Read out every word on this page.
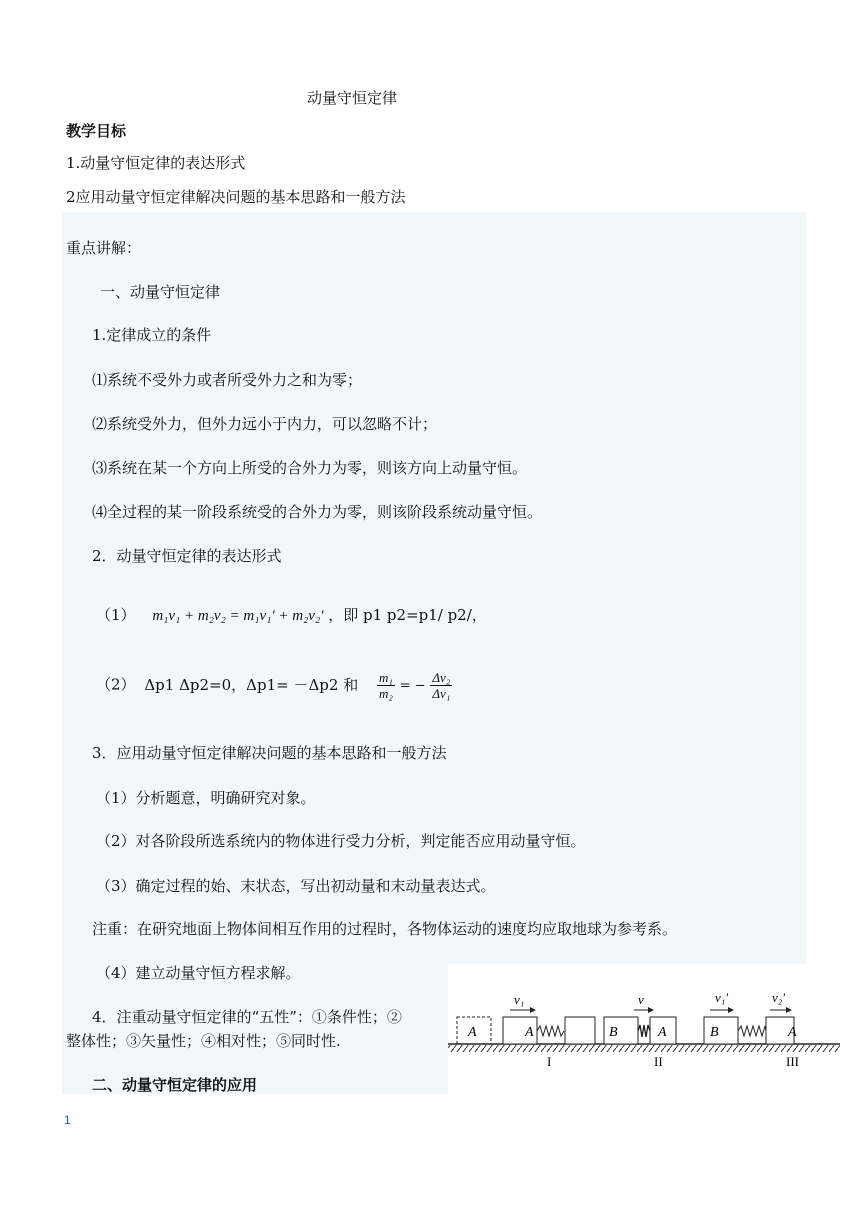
动量守恒定律
教学目标
1.动量守恒定律的表达形式
2应用动量守恒定律解决问题的基本思路和一般方法
重点讲解：
一、动量守恒定律
1.定律成立的条件
⑴系统不受外力或者所受外力之和为零；
⑵系统受外力，但外力远小于内力，可以忽略不计；
⑶系统在某一个方向上所受的合外力为零，则该方向上动量守恒。
⑷全过程的某一阶段系统受的合外力为零，则该阶段系统动量守恒。
2．动量守恒定律的表达形式
（1） m₁v₁ + m₂v₂ = m₁v₁′ + m₂v₂′ ，即 p1 p2=p1/ p2/，
（2） Δp1 Δp2=0，Δp1= －Δp2 和 $\frac{\text{m₁}}{\text{m₂}}$ = − $\frac{\text{Δv₂}}{\text{Δv₁}}$
3．应用动量守恒定律解决问题的基本思路和一般方法
（1）分析题意，明确研究对象。
（2）对各阶段所选系统内的物体进行受力分析，判定能否应用动量守恒。
（3）确定过程的始、末状态，写出初动量和末动量表达式。
注重：在研究地面上物体间相互作用的过程时，各物体运动的速度均应取地球为参考系。
（4）建立动量守恒方程求解。
4．注重动量守恒定律的“五性”：①条件性；②
整体性；③矢量性；④相对性；⑤同时性.
二、动量守恒定律的应用
A	A
v₁
I
B	A
v
II
B	A
v₁′	v₂′
III
1
